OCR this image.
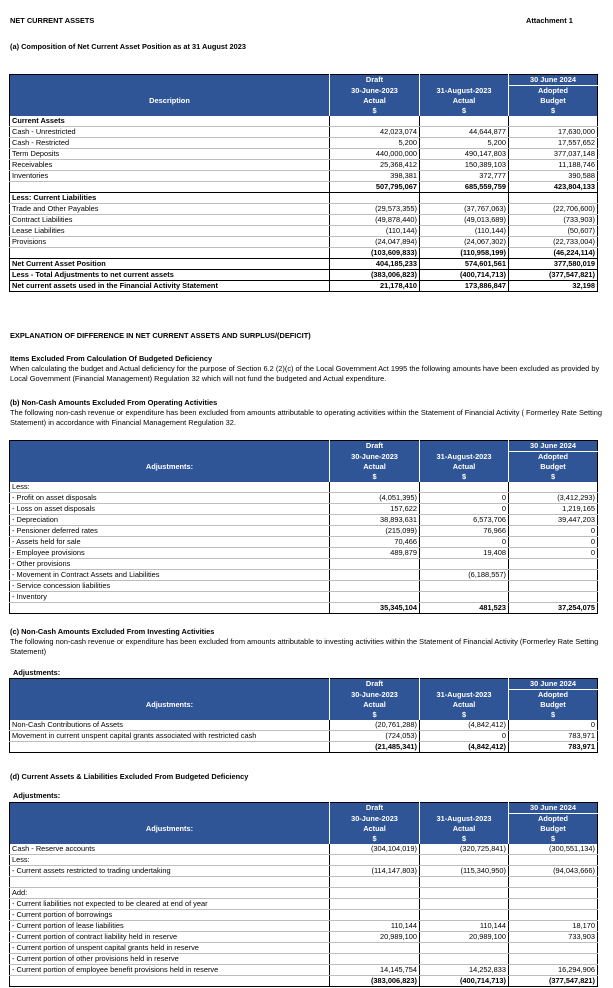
NET CURRENT ASSETS	Attachment 1
(a) Composition of Net Current Asset Position as at 31 August 2023
	Draft		30 June 2024
	30-June-2023	31-August-2023	Adopted
Description	Actual	Actual	Budget
	$	$	$
Current Assets			
Cash - Unrestricted	42,023,074	44,644,877	17,630,000
Cash - Restricted	5,200	5,200	17,557,652
Term Deposits	440,000,000	490,147,803	377,037,148
Receivables	25,368,412	150,389,103	11,188,746
Inventories	398,381	372,777	390,588
	507,795,067	685,559,759	423,804,133
Less: Current Liabilities			
Trade and Other Payables	(29,573,355)	(37,767,063)	(22,706,600)
Contract Liabilities	(49,878,440)	(49,013,689)	(733,903)
Lease Liabilities	(110,144)	(110,144)	(50,607)
Provisions	(24,047,894)	(24,067,302)	(22,733,004)
	(103,609,833)	(110,958,199)	(46,224,114)
Net Current Asset Position	404,185,233	574,601,561	377,580,019
Less - Total Adjustments to net current assets	(383,006,823)	(400,714,713)	(377,547,821)
Net current assets used in the Financial Activity Statement	21,178,410	173,886,847	32,198
EXPLANATION OF DIFFERENCE IN NET CURRENT ASSETS AND SURPLUS/(DEFICIT)
Items Excluded From Calculation Of Budgeted Deficiency
When calculating the budget and Actual deficiency for the purpose of Section 6.2 (2)(c) of the Local Government Act 1995 the following amounts have been excluded as provided by Local Government (Financial Management) Regulation 32 which will not fund the budgeted and Actual expenditure.
(b) Non-Cash Amounts Excluded From Operating Activities
The following non-cash revenue or expenditure has been excluded from amounts attributable to operating activities within the Statement of Financial Activity ( Formerley Rate Setting Statement) in accordance with Financial Management Regulation 32.
	Draft		30 June 2024
	30-June-2023	31-August-2023	Adopted
Adjustments:	Actual	Actual	Budget
	$	$	$
Less:			
- Profit on asset disposals	(4,051,395)	0	(3,412,293)
- Loss on asset disposals	157,622	0	1,219,165
- Depreciation	38,893,631	6,573,706	39,447,203
- Pensioner deferred rates	(215,099)	76,966	0
- Assets held for sale	70,466	0	0
- Employee provisions	489,879	19,408	0
- Other provisions			
- Movement in Contract Assets and Liabilities		(6,188,557)	
- Service concession liabilities			
- Inventory			
	35,345,104	481,523	37,254,075
(c) Non-Cash Amounts Excluded From Investing Activities
The following non-cash revenue or expenditure has been excluded from amounts attributable to investing activities within the Statement of Financial Activity (Formerley Rate Setting Statement)
Adjustments:
	Draft		30 June 2024
	30-June-2023	31-August-2023	Adopted
Adjustments:	Actual	Actual	Budget
	$	$	$
Non-Cash Contributions of Assets	(20,761,288)	(4,842,412)	0
Movement in current unspent capital grants associated with restricted cash	(724,053)	0	783,971
	(21,485,341)	(4,842,412)	783,971
(d) Current Assets & Liabilities Excluded From Budgeted Deficiency
Adjustments:
	Draft		30 June 2024
	30-June-2023	31-August-2023	Adopted
Adjustments:	Actual	Actual	Budget
	$	$	$
Cash - Reserve accounts	(304,104,019)	(320,725,841)	(300,551,134)
Less:			
- Current assets restricted to trading undertaking	(114,147,803)	(115,340,950)	(94,043,666)

Add:			
- Current liabilities not expected to be cleared at end of year			
- Current portion of borrowings			
- Current portion of lease liabilities	110,144	110,144	18,170
- Current portion of contract liability held in reserve	20,989,100	20,989,100	733,903
- Current portion of unspent capital grants held in reserve			
- Current portion of other provisions held in reserve			
- Current portion of employee benefit provisions held in reserve	14,145,754	14,252,833	16,294,906
	(383,006,823)	(400,714,713)	(377,547,821)
